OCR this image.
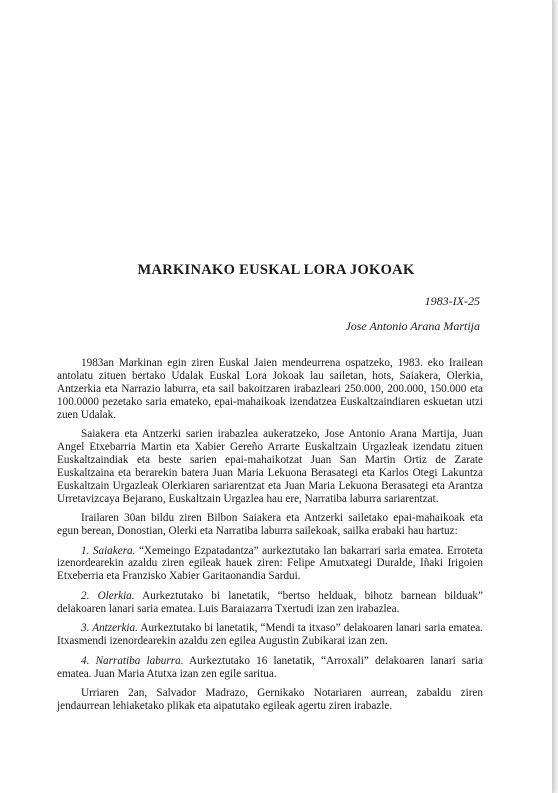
MARKINAKO EUSKAL LORA JOKOAK
1983-IX-25
Jose Antonio Arana Martija

1983an Markinan egin ziren Euskal Jaien mendeurrena ospatzeko, 1983. eko Irailean antolatu zituen bertako Udalak Euskal Lora Jokoak lau sailetan, hots, Saiakera, Olerkia, Antzerkia eta Narrazio laburra, eta sail bakoitzaren irabazleari 250.000, 200.000, 150.000 eta 100.0000 pezetako saria emateko, epai-mahaikoak izendatzea Euskaltzaindiaren eskuetan utzi zuen Udalak.

Saiakera eta Antzerki sarien irabazlea aukeratzeko, Jose Antonio Arana Martija, Juan Angel Etxebarria Martin eta Xabier Gereño Arrarte Euskaltzain Urgazleak izendatu zituen Euskaltzaindiak eta beste sarien epai-mahaikotzat Juan San Martin Ortiz de Zarate Euskaltzaina eta berarekin batera Juan Maria Lekuona Berasategi eta Karlos Otegi Lakuntza Euskaltzain Urgazleak Olerkiaren sariarentzat eta Juan Maria Lekuona Berasategi eta Arantza Urretavizcaya Bejarano, Euskaltzain Urgazlea hau ere, Narratiba laburra sariarentzat.

Irailaren 30an bildu ziren Bilbon Saiakera eta Antzerki sailetako epai-mahaikoak eta egun berean, Donostian, Olerki eta Narratiba laburra sailekoak, sailka erabaki hau hartuz:

1. Saiakera. “Xemeingo Ezpatadantza” aurkeztutako lan bakarrari saria ematea. Erroteta izenordearekin azaldu ziren egileak hauek ziren: Felipe Amutxategi Duralde, Iñaki Irigoien Etxeberria eta Franzisko Xabier Garitaonandia Sardui.

2. Olerkia. Aurkeztutako bi lanetatik, “bertso helduak, bihotz barnean bilduak” delakoaren lanari saria ematea. Luis Baraiazarra Txertudi izan zen irabazlea.

3. Antzerkia. Aurkeztutako bi lanetatik, “Mendi ta itxaso” delakoaren lanari saria ematea. Itxasmendi izenordearekin azaldu zen egilea Augustin Zubikarai izan zen.

4. Narratiba laburra. Aurkeztutako 16 lanetatik, “Arroxali” delakoaren lanari saria ematea. Juan Maria Atutxa izan zen egile saritua.

Urriaren 2an, Salvador Madrazo, Gernikako Notariaren aurrean, zabaldu ziren jendaurrean lehiaketako plikak eta aipatutako egileak agertu ziren irabazle.
